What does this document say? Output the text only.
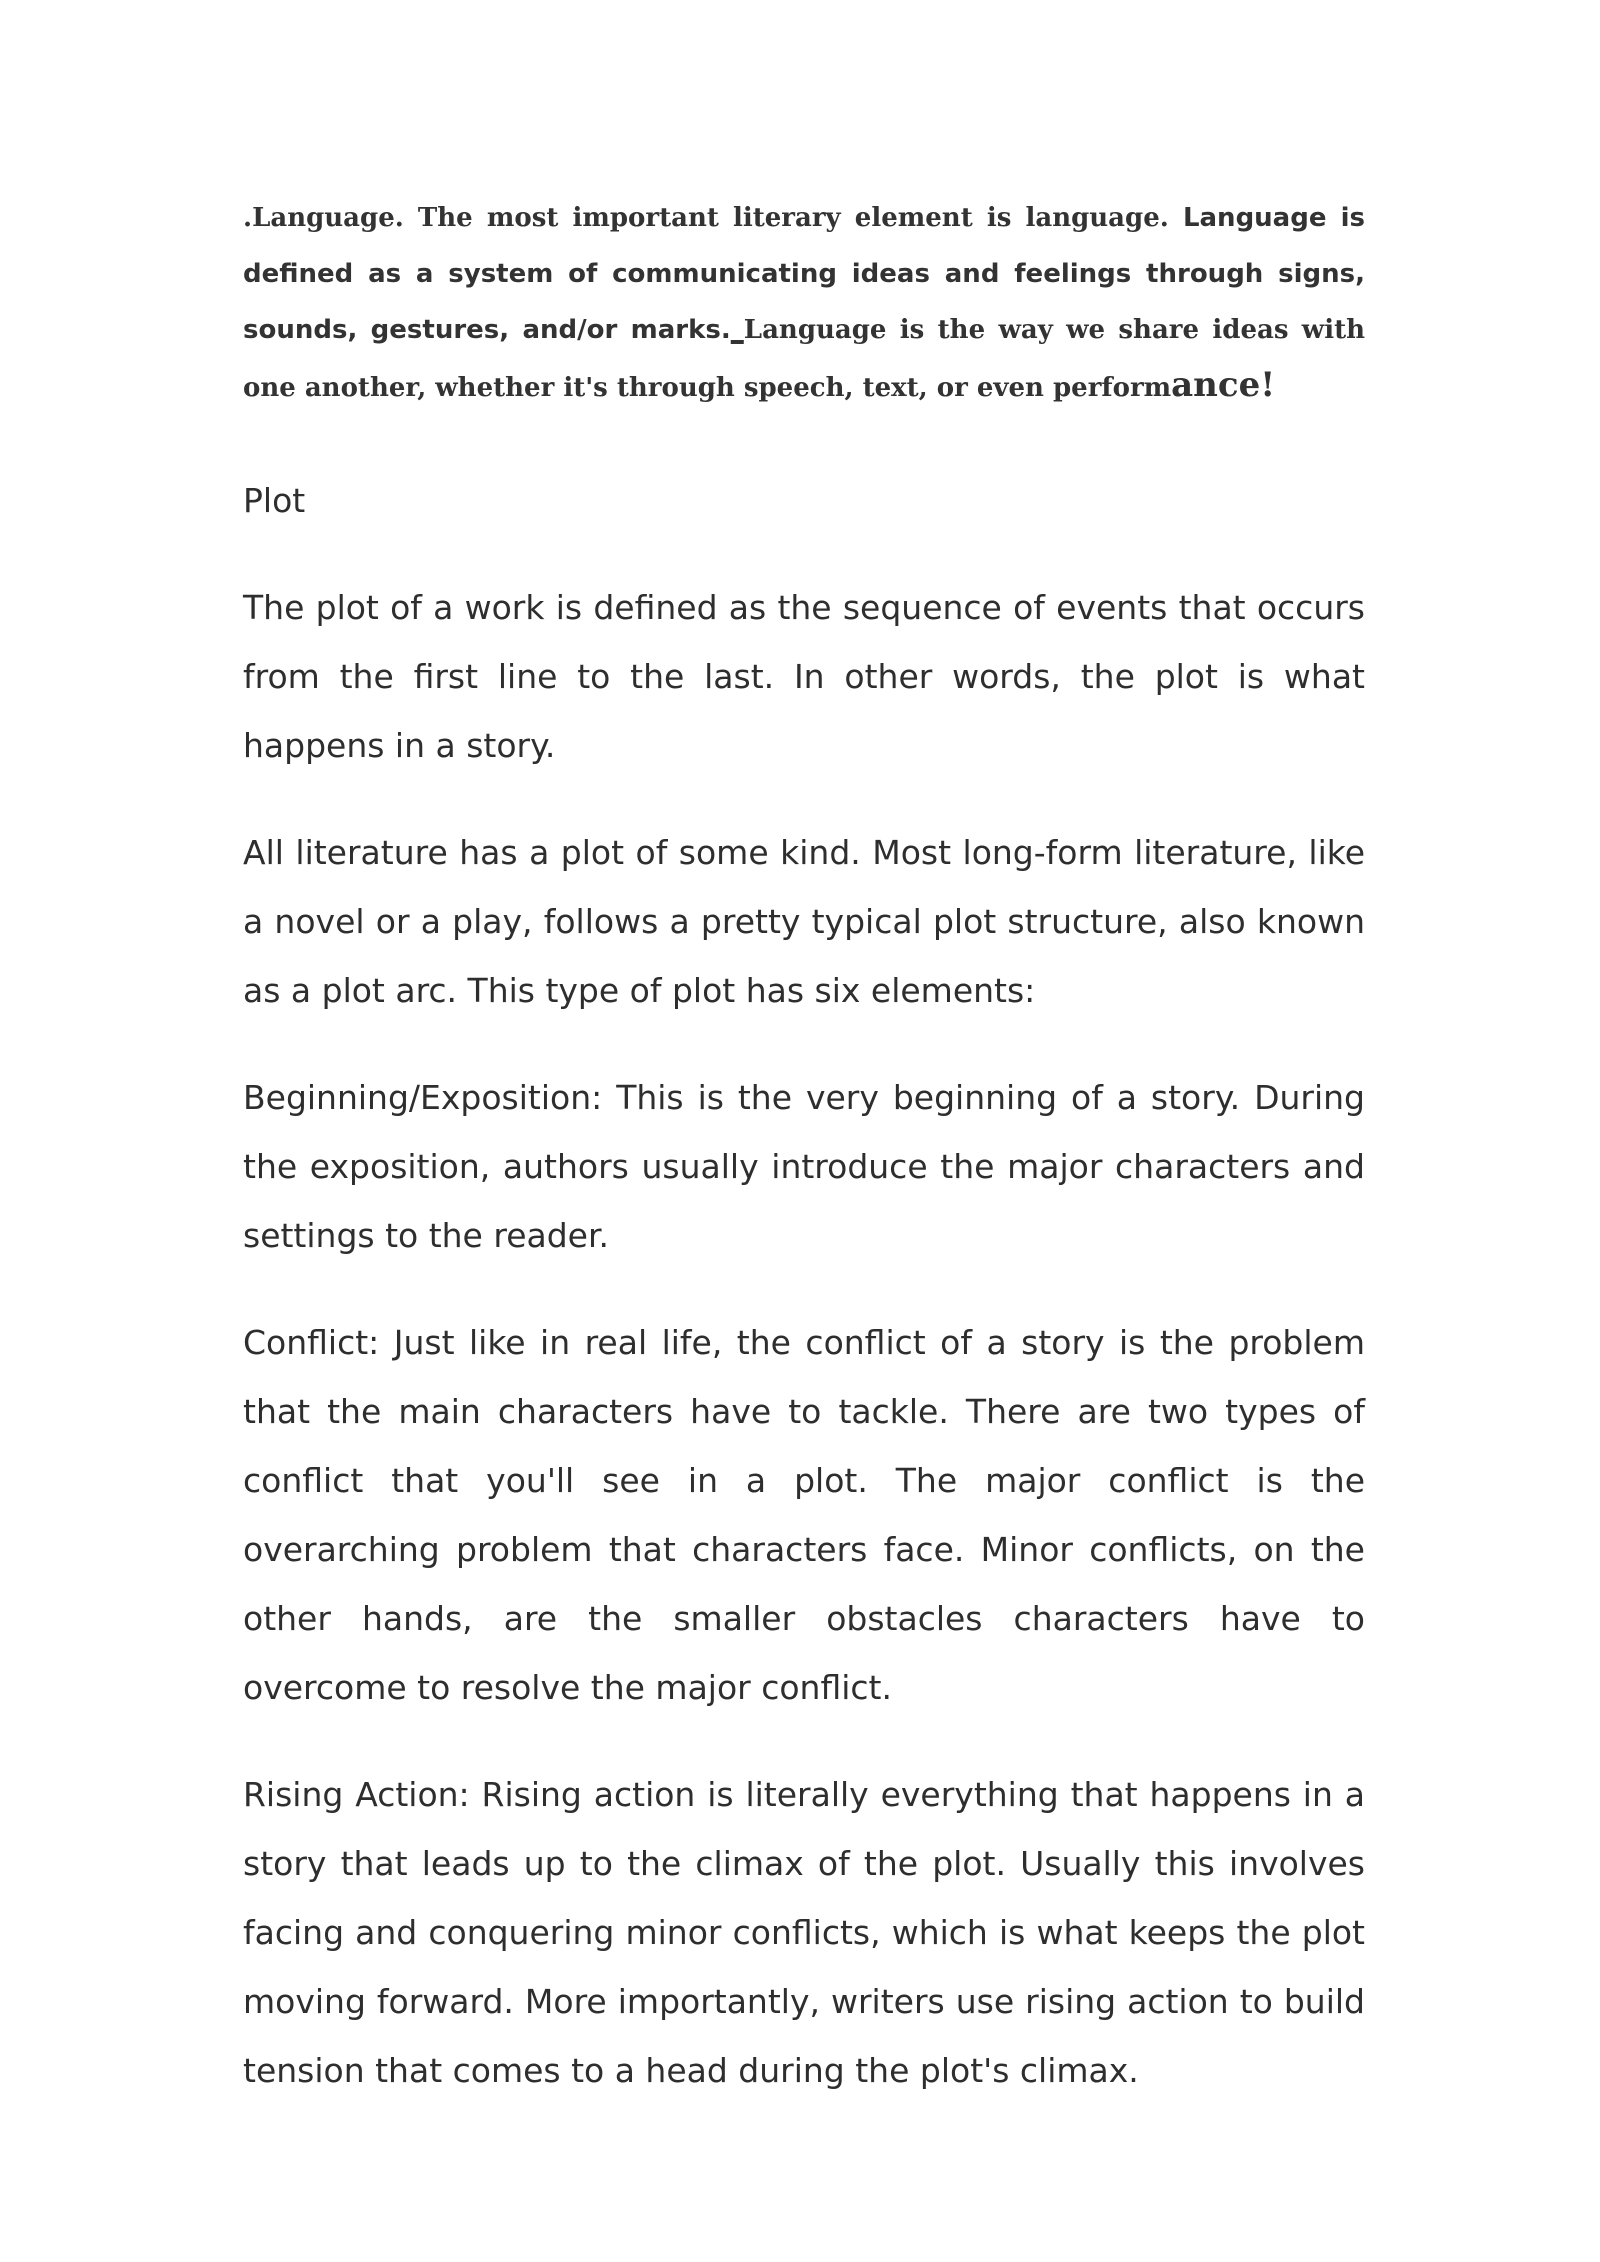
.Language. The most important literary element is language. Language is defined as a system of communicating ideas and feelings through signs, sounds, gestures, and/or marks._Language is the way we share ideas with one another, whether it's through speech, text, or even performance!

Plot

The plot of a work is defined as the sequence of events that occurs from the first line to the last. In other words, the plot is what happens in a story.

All literature has a plot of some kind. Most long-form literature, like a novel or a play, follows a pretty typical plot structure, also known as a plot arc. This type of plot has six elements:

Beginning/Exposition: This is the very beginning of a story. During the exposition, authors usually introduce the major characters and settings to the reader.

Conflict: Just like in real life, the conflict of a story is the problem that the main characters have to tackle. There are two types of conflict that you'll see in a plot. The major conflict is the overarching problem that characters face. Minor conflicts, on the other hands, are the smaller obstacles characters have to overcome to resolve the major conflict.

Rising Action: Rising action is literally everything that happens in a story that leads up to the climax of the plot. Usually this involves facing and conquering minor conflicts, which is what keeps the plot moving forward. More importantly, writers use rising action to build tension that comes to a head during the plot's climax.
